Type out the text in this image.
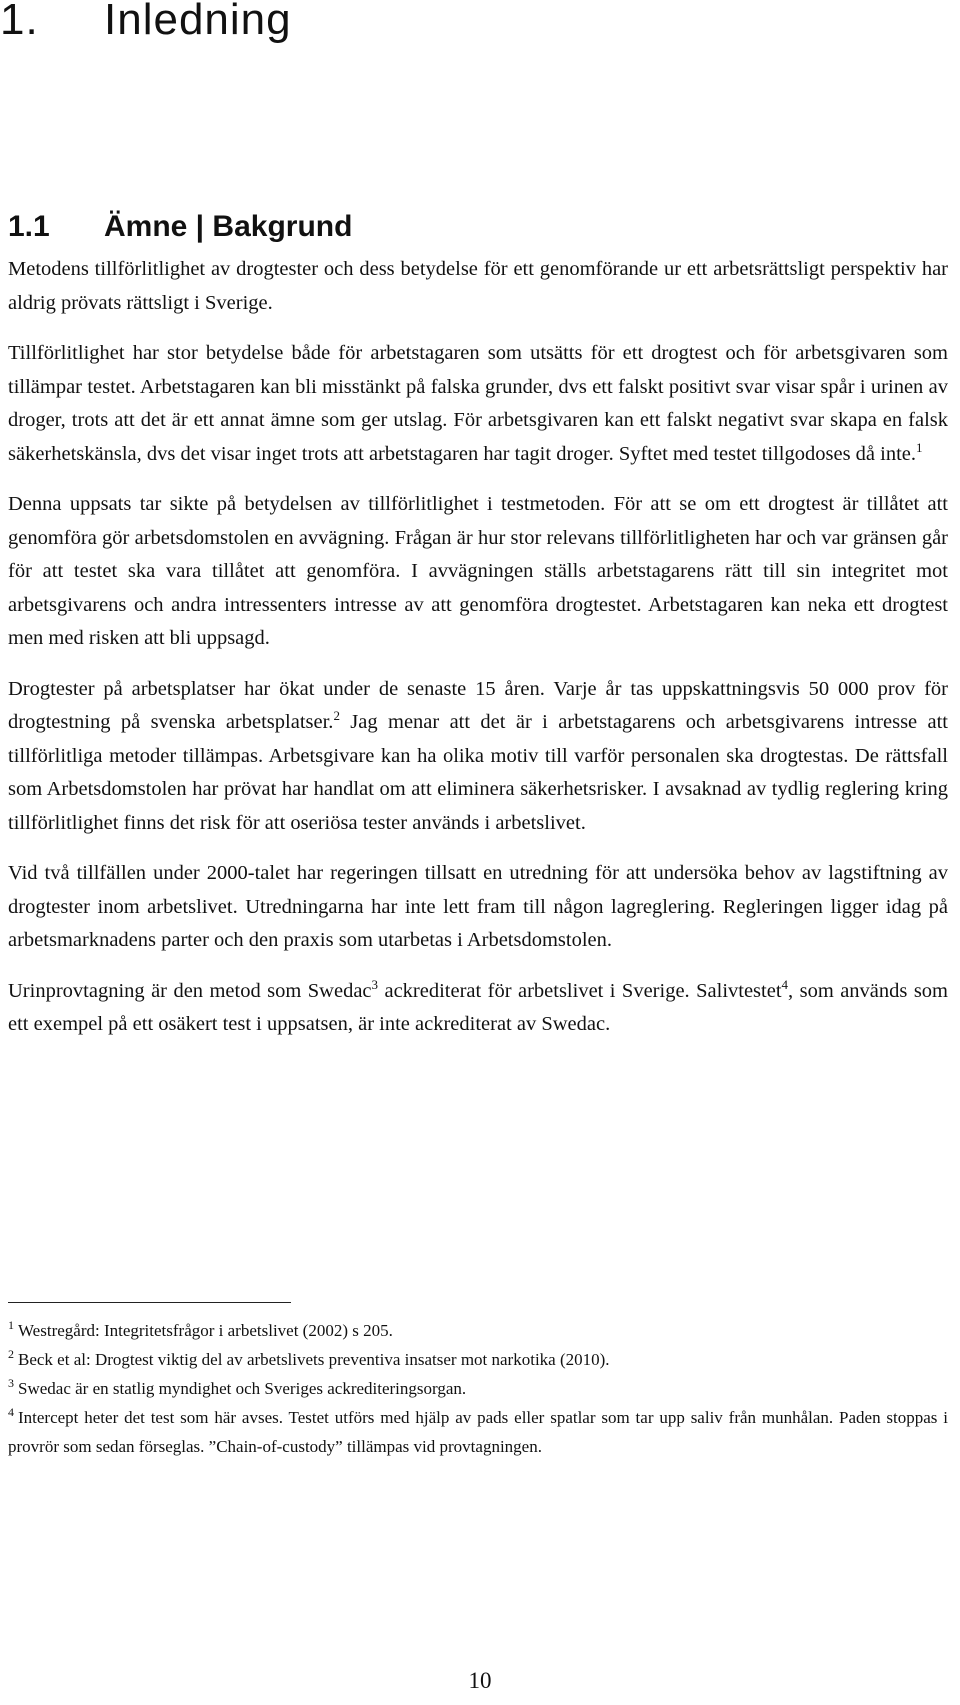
1. Inledning
1.1 Ämne | Bakgrund

Metodens tillförlitlighet av drogtester och dess betydelse för ett genomförande ur ett arbetsrättsligt perspektiv har aldrig prövats rättsligt i Sverige.

Tillförlitlighet har stor betydelse både för arbetstagaren som utsätts för ett drogtest och för arbetsgivaren som tillämpar testet. Arbetstagaren kan bli misstänkt på falska grunder, dvs ett falskt positivt svar visar spår i urinen av droger, trots att det är ett annat ämne som ger utslag. För arbetsgivaren kan ett falskt negativt svar skapa en falsk säkerhetskänsla, dvs det visar inget trots att arbetstagaren har tagit droger. Syftet med testet tillgodoses då inte.$^1$

Denna uppsats tar sikte på betydelsen av tillförlitlighet i testmetoden. För att se om ett drogtest är tillåtet att genomföra gör arbetsdomstolen en avvägning. Frågan är hur stor relevans tillförlitligheten har och var gränsen går för att testet ska vara tillåtet att genomföra. I avvägningen ställs arbetstagarens rätt till sin integritet mot arbetsgivarens och andra intressenters intresse av att genomföra drogtestet. Arbetstagaren kan neka ett drogtest men med risken att bli uppsagd.

Drogtester på arbetsplatser har ökat under de senaste 15 åren. Varje år tas uppskattningsvis 50 000 prov för drogtestning på svenska arbetsplatser.$^2$ Jag menar att det är i arbetstagarens och arbetsgivarens intresse att tillförlitliga metoder tillämpas. Arbetsgivare kan ha olika motiv till varför personalen ska drogtestas. De rättsfall som Arbetsdomstolen har prövat har handlat om att eliminera säkerhetsrisker. I avsaknad av tydlig reglering kring tillförlitlighet finns det risk för att oseriösa tester används i arbetslivet.

Vid två tillfällen under 2000-talet har regeringen tillsatt en utredning för att undersöka behov av lagstiftning av drogtester inom arbetslivet. Utredningarna har inte lett fram till någon lagreglering. Regleringen ligger idag på arbetsmarknadens parter och den praxis som utarbetas i Arbetsdomstolen.

Urinprovtagning är den metod som Swedac$^3$ ackrediterat för arbetslivet i Sverige. Salivtestet$^4$, som används som ett exempel på ett osäkert test i uppsatsen, är inte ackrediterat av Swedac.

$^1$ Westregård: Integritetsfrågor i arbetslivet (2002) s 205.

$^2$ Beck et al: Drogtest viktig del av arbetslivets preventiva insatser mot narkotika (2010).

$^3$ Swedac är en statlig myndighet och Sveriges ackrediteringsorgan.

$^4$ Intercept heter det test som här avses. Testet utförs med hjälp av pads eller spatlar som tar upp saliv från munhålan. Paden stoppas i provrör som sedan förseglas. ”Chain-of-custody” tillämpas vid provtagningen.

10
